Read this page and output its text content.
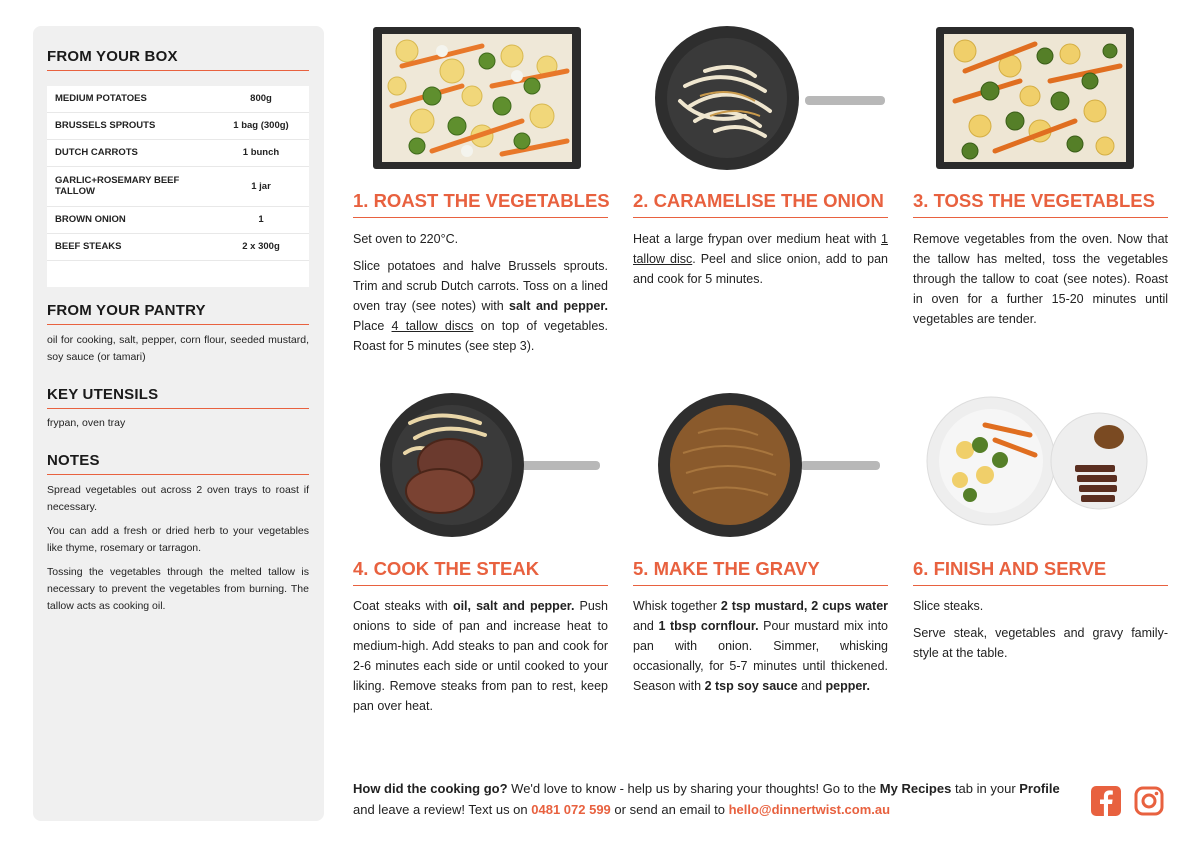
FROM YOUR BOX
MEDIUM POTATOES	800g
BRUSSELS SPROUTS	1 bag (300g)
DUTCH CARROTS	1 bunch
GARLIC+ROSEMARY BEEF TALLOW	1 jar
BROWN ONION	1
BEEF STEAKS	2 x 300g

FROM YOUR PANTRY
oil for cooking, salt, pepper, corn flour, seeded mustard, soy sauce (or tamari)
KEY UTENSILS
frypan, oven tray
NOTES

Spread vegetables out across 2 oven trays to roast if necessary.

You can add a fresh or dried herb to your vegetables like thyme, rosemary or tarragon.

Tossing the vegetables through the melted tallow is necessary to prevent the vegetables from burning. The tallow acts as cooking oil.

1. ROAST THE VEGETABLES

Set oven to 220°C.

Slice potatoes and halve Brussels sprouts. Trim and scrub Dutch carrots. Toss on a lined oven tray (see notes) with salt and pepper. Place 4 tallow discs on top of vegetables. Roast for 5 minutes (see step 3).

2. CARAMELISE THE ONION

Heat a large frypan over medium heat with 1 tallow disc. Peel and slice onion, add to pan and cook for 5 minutes.

3. TOSS THE VEGETABLES

Remove vegetables from the oven. Now that the tallow has melted, toss the vegetables through the tallow to coat (see notes). Roast in oven for a further 15-20 minutes until vegetables are tender.

4. COOK THE STEAK

Coat steaks with oil, salt and pepper. Push onions to side of pan and increase heat to medium-high. Add steaks to pan and cook for 2-6 minutes each side or until cooked to your liking. Remove steaks from pan to rest, keep pan over heat.

5. MAKE THE GRAVY

Whisk together 2 tsp mustard, 2 cups water and 1 tbsp cornflour. Pour mustard mix into pan with onion. Simmer, whisking occasionally, for 5-7 minutes until thickened. Season with 2 tsp soy sauce and pepper.

6. FINISH AND SERVE

Slice steaks.

Serve steak, vegetables and gravy family-style at the table.

How did the cooking go? We'd love to know - help us by sharing your thoughts! Go to the My Recipes tab in your Profile and leave a review! Text us on 0481 072 599 or send an email to hello@dinnertwist.com.au
